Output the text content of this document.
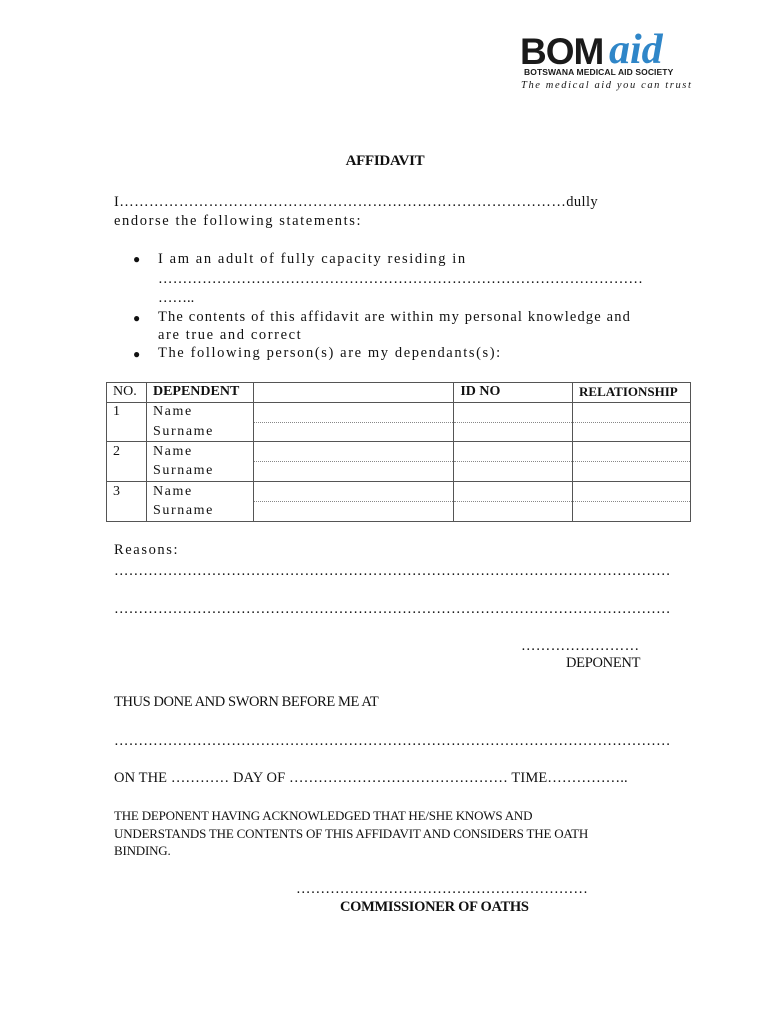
BOM aid
BOTSWANA MEDICAL AID SOCIETY
The medical aid you can trust
AFFIDAVIT
I………………………………………………………………………………dully
endorse the following statements:
● I am an adult of fully capacity residing in
………………………………………………………………………………………
……..
● The contents of this affidavit are within my personal knowledge and
are true and correct
● The following person(s) are my dependants(s):
NO.	DEPENDENT		ID NO	RELATIONSHIP
1	Name			
	Surname			
2	Name			
	Surname			
3	Name			
	Surname			
Reasons:
……………………………………………………………………………………………………
……………………………………………………………………………………………………
……………………
DEPONENT
THUS DONE AND SWORN BEFORE ME AT
……………………………………………………………………………………………………
ON THE ………… DAY OF ……………………………………… TIME……………..
THE DEPONENT HAVING ACKNOWLEDGED THAT HE/SHE KNOWS AND
UNDERSTANDS THE CONTENTS OF THIS AFFIDAVIT AND CONSIDERS THE OATH
BINDING.
……………………………………………………
COMMISSIONER OF OATHS
